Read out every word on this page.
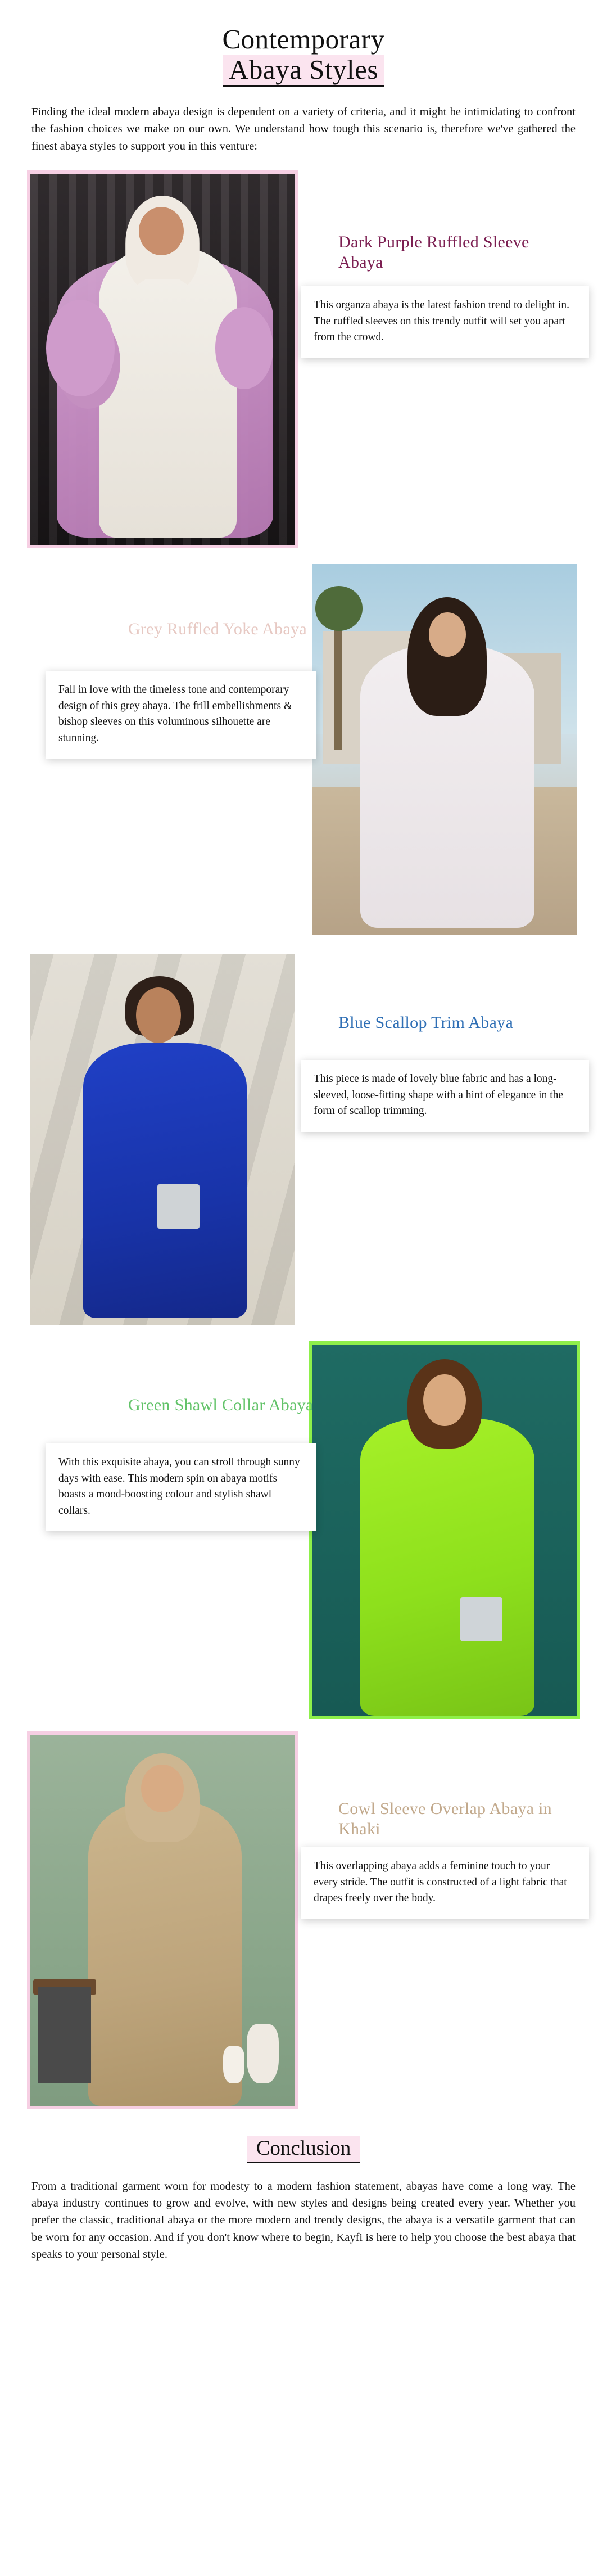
Contemporary
Abaya Styles

Finding the ideal modern abaya design is dependent on a variety of criteria, and it might be intimidating to confront the fashion choices we make on our own. We understand how tough this scenario is, therefore we've gathered the finest abaya styles to support you in this venture:

Dark Purple Ruffled Sleeve Abaya
This organza abaya is the latest fashion trend to delight in. The ruffled sleeves on this trendy outfit will set you apart from the crowd.
Grey Ruffled Yoke Abaya
Fall in love with the timeless tone and contemporary design of this grey abaya. The frill embellishments & bishop sleeves on this voluminous silhouette are stunning.
Blue Scallop Trim Abaya
This piece is made of lovely blue fabric and has a long-sleeved, loose-fitting shape with a hint of elegance in the form of scallop trimming.
Green Shawl Collar Abaya
With this exquisite abaya, you can stroll through sunny days with ease. This modern spin on abaya motifs boasts a mood-boosting colour and stylish shawl collars.
Cowl Sleeve Overlap Abaya in Khaki
This overlapping abaya adds a feminine touch to your every stride. The outfit is constructed of a light fabric that drapes freely over the body.
Conclusion

From a traditional garment worn for modesty to a modern fashion statement, abayas have come a long way. The abaya industry continues to grow and evolve, with new styles and designs being created every year. Whether you prefer the classic, traditional abaya or the more modern and trendy designs, the abaya is a versatile garment that can be worn for any occasion. And if you don't know where to begin, Kayfi is here to help you choose the best abaya that speaks to your personal style.
